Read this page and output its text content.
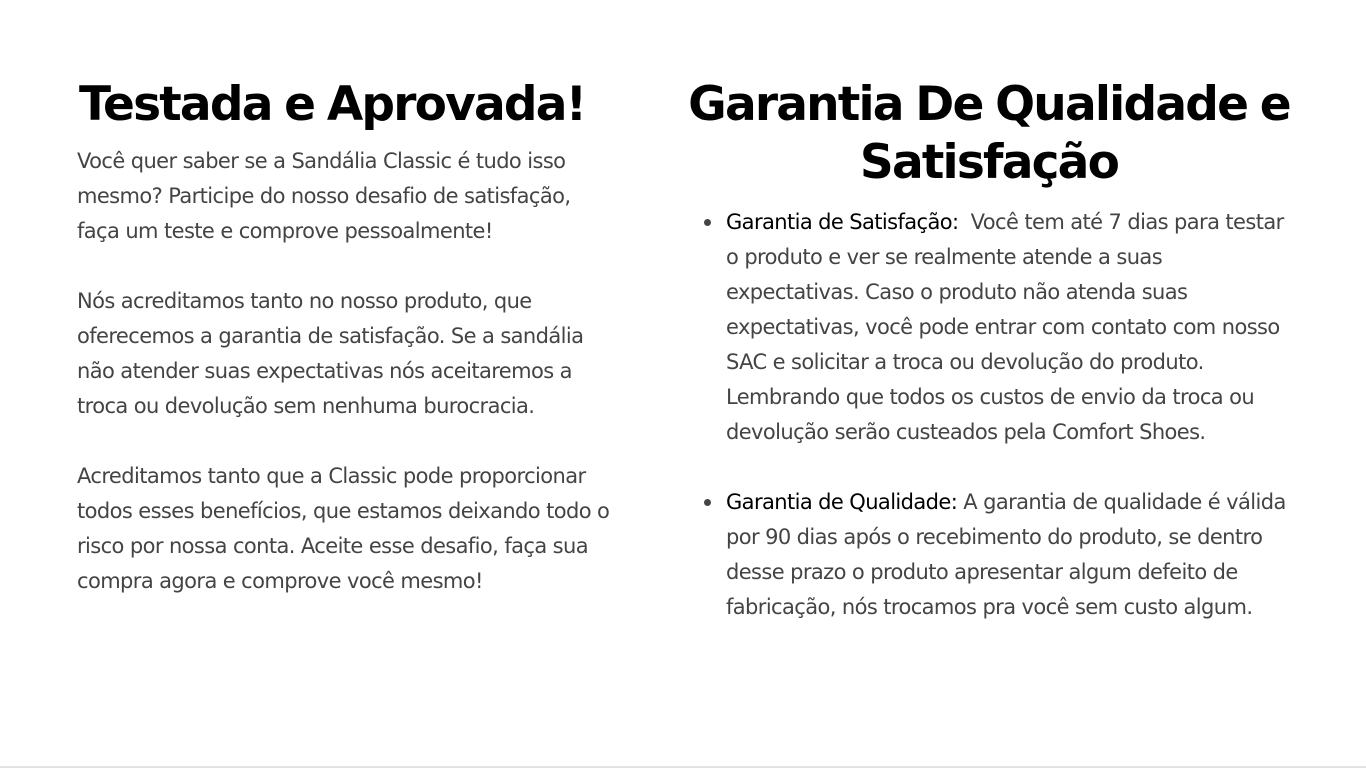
Testada e Aprovada!

Você quer saber se a Sandália Classic é tudo isso mesmo? Participe do nosso desafio de satisfação, faça um teste e comprove pessoalmente!

Nós acreditamos tanto no nosso produto, que oferecemos a garantia de satisfação. Se a sandália não atender suas expectativas nós aceitaremos a troca ou devolução sem nenhuma burocracia.

Acreditamos tanto que a Classic pode proporcionar todos esses benefícios, que estamos deixando todo o risco por nossa conta. Aceite esse desafio, faça sua compra agora e comprove você mesmo!

Garantia De Qualidade e Satisfação
Garantia de Satisfação:  Você tem até 7 dias para testar o produto e ver se realmente atende a suas expectativas. Caso o produto não atenda suas expectativas, você pode entrar com contato com nosso SAC e solicitar a troca ou devolução do produto. Lembrando que todos os custos de envio da troca ou devolução serão custeados pela Comfort Shoes.
Garantia de Qualidade: A garantia de qualidade é válida por 90 dias após o recebimento do produto, se dentro desse prazo o produto apresentar algum defeito de fabricação, nós trocamos pra você sem custo algum.
